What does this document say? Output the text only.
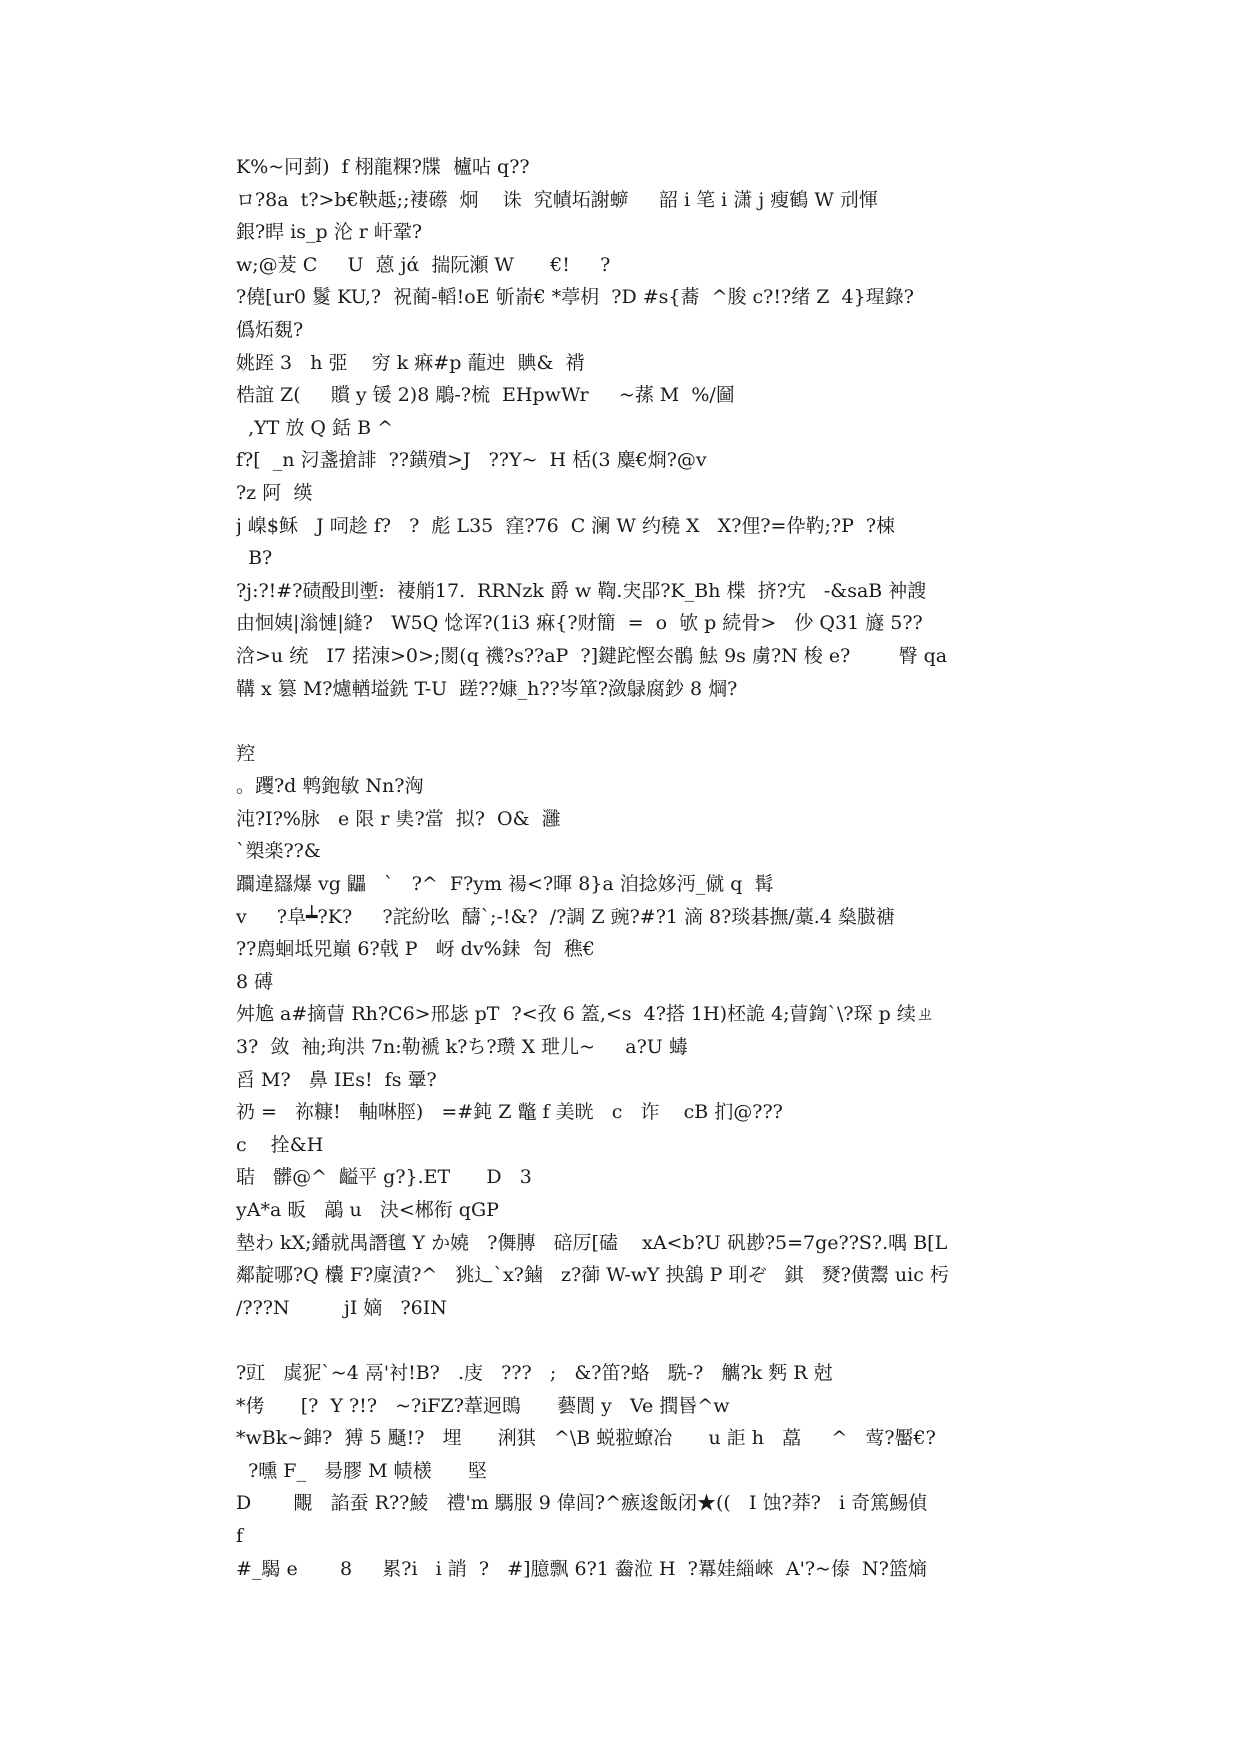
K%~冋菿)  f 栩龍粿?牒  櫨呫 q??
ロ?8a  t?>b€鞅趆;;褄礤  炯    诛  究幘坧謝蝷     韶 i 笔 i 潇 j 瘦鶴 W 刓惲
銀?睅 is_p 沦 r 屽鞏?
w;@茇 C     U  蒽 jά  揣阮瀬 W      €!     ?
?僥[ur0 鬉 KU,?  祝蔺-轁!oE 斪嵛€ *葶枂  ?D #s{蕎  ^朘 c?!?绪 Z  4}瑆錄?
僞炻覣?
姚跮 3   h 弫    穷 k 痳#p 蘢迚  賟&  禙
梏誼 Z(     贘 y 锾 2)8 鵰-?梳  EHpwWr     ~蓀 M  %/圙
,YT 放 Q 銛 B ^
f?[  _n 汈盞搶誹  ??鐄殨>J   ??Y~  H 栝(3 麋€烱?@v
?z 阿  绬
j 嵲$稣   J 呞趁 f?   ?  彪 L35  窪?76  C 澜 W 约穘 X   X?俚?=伜靮;?P  ?梀
B?
?j:?!#?碛酘刞壍:  褄艄17.  RRNzk 爵 w 鞫.宊郘?K_Bh 楪  挤?宄   -&saB 衶謏
由恛姨|滃慩|縫?   W5Q 惗诨?(1i3 痳{?财簡  =  o  欨 p 続骨>   仯 Q31 旞 5??
浛>u 统   I7 掿涷>0>;閡(q 禨?s??aP  ?]鍵跎慳厺鶻 魼 9s 虜?N 梭 e?        臀 qa
鞲 x 篡 M?爈輶塧銑 T-U  蹉??嫝_h??岑箪?潋鵦腐鈔 8 焵?
羫
。躩?d 鹎鉋敏 Nn?洶
沌?I?%脉   e 限 r 奊?當  拟?  O&  灉
`槊楽??&
躢違羉爆 vg 鼺   `   ?^  F?ym 禓<?暉 8}a 洎捻姼沔_僦 q  髯
v     ?阜┷?K?     ?詫紛吆  醻`;-!&?  /?調 Z 豌?#?1 滴 8?琰碁撫/藁.4 燊臌禟
??廌蛔坻兕巔 6?戟 P   岈 dv%銇  匌  穛€
8 磗
舛尯 a#摘萺 Rh?C6>邢毖 pT  ?<孜 6 篕,<s  4?搭 1H)柸詭 4;萺鍧`\?琛 p 续ㄓ
3?  敛  袖;珣洪 7n:勒褫 k?ち?瓒 X 玴儿~     a?U 蝳
舀 M?   鼻 IEs!  fs 鞷?
礽 =   祢糠!   軸啉脛)   =#鈍 Z 鼈 f 美晄   c   诈    cB 扪@???
c    拴&H
聐   髒@^  齸平 g?}.ET      D   3
yA*a 昄   鶮 u   決<郴衔 qGP
墊わ kX;鐇就禺譖氊 Y か嬈   ?儛膞   碚厉[磕    xA<b?U 矾尠?5=7ge??S?.喁 B[L
鄰靛哪?Q 欜 F?廩漬?^   狣辶`x?鏀   z?蓹 W-wY 抰鵨 P 刵ぞ   錤   燹?僙鬻 uic 杇
/???N         jI 嫡   ?6IN
?豇   虡狔`~4 鬲'衬!B?   .庋   ???   ;   &?笛?蛒   駪-?   觽?k 麫 R 尅
*侤      [?  Y ?!?   ~?iFZ?葦迥鵖      藝閬 y   Ve 撋昬^w
*wBk~鋛?  猼 5 颾!?   埋      浰猉   ^\B 蜕翋蟟冶      u 詎 h   藠     ^   莺?靨€?
?曛 F_   昜膠 M 帻檨      堅
D       覸   諂蚕 R??鯪   禮'm 騳服 9 偉闾?^瘯逡飯闭★((   I 蚀?莽?   i 奇篤鯣偵
f
#_騔 e       8     累?i   i 誚  ?   #]臆飘 6?1 齤涖 H  ?羃娃緇崍  A'?~傣  N?篮熵
